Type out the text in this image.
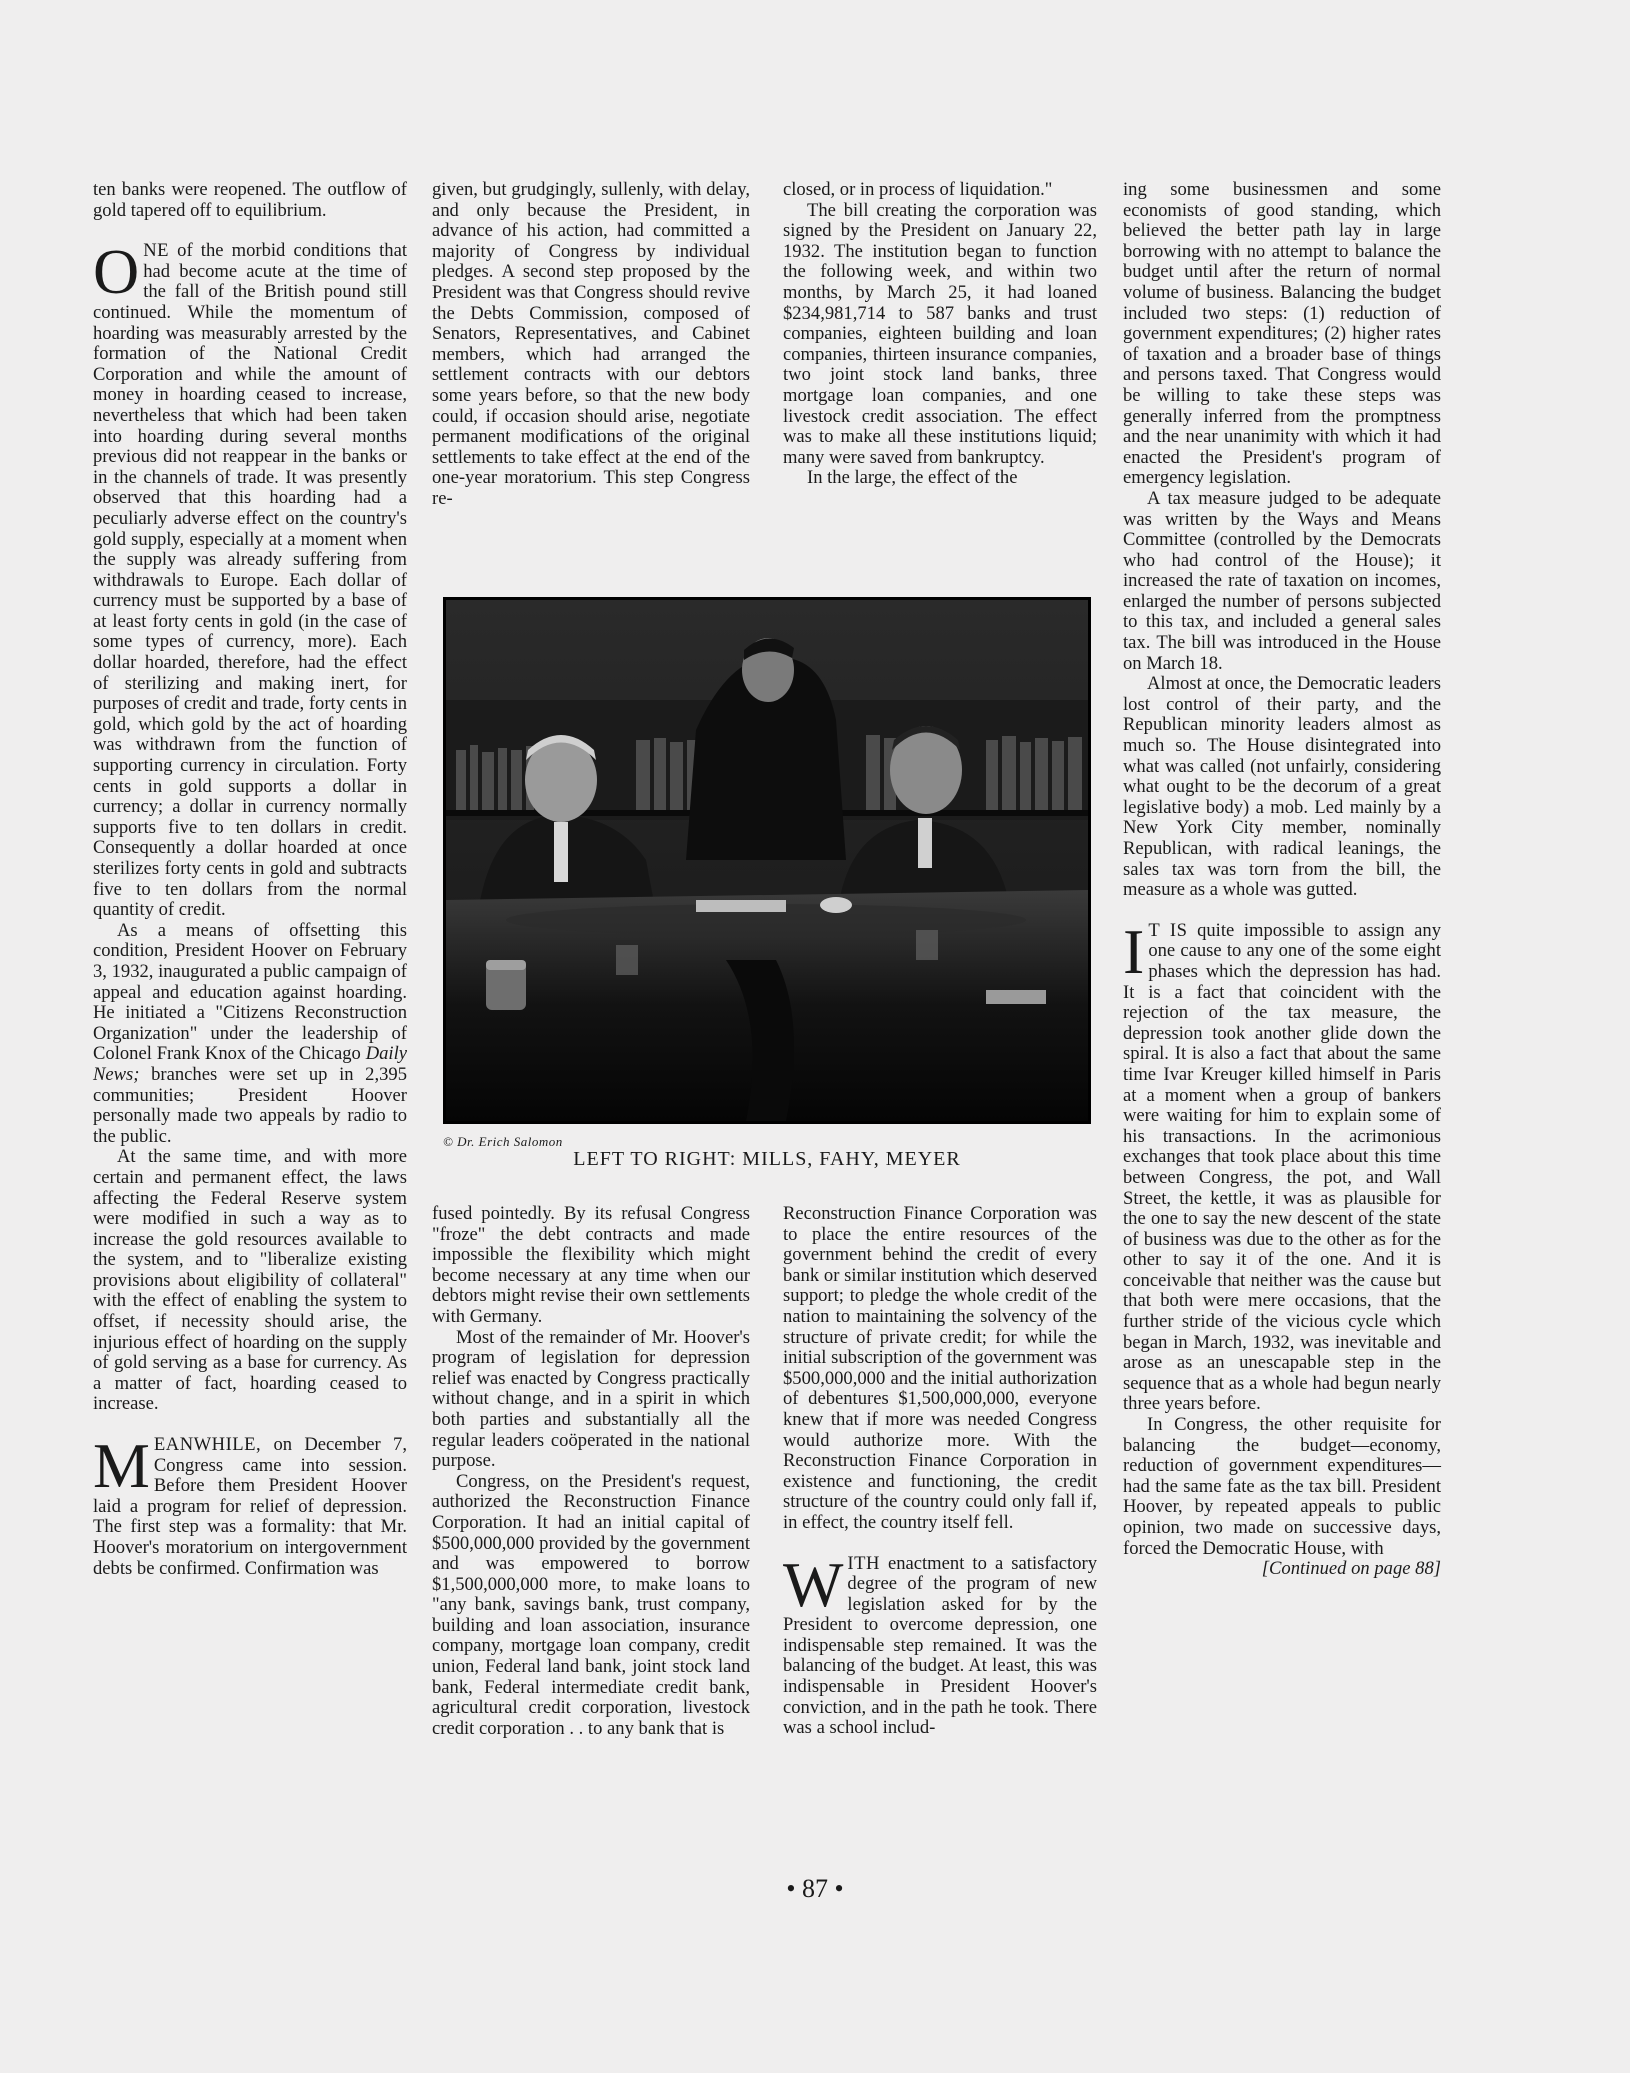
ten banks were reopened. The outflow of gold tapered off to equilibrium.

ONE of the morbid conditions that had become acute at the time of the fall of the British pound still continued. While the momentum of hoarding was measurably arrested by the formation of the National Credit Corporation and while the amount of money in hoarding ceased to increase, nevertheless that which had been taken into hoarding during several months previous did not reappear in the banks or in the channels of trade. It was presently observed that this hoarding had a peculiarly adverse effect on the country's gold supply, especially at a moment when the supply was already suffering from withdrawals to Europe. Each dollar of currency must be supported by a base of at least forty cents in gold (in the case of some types of currency, more). Each dollar hoarded, therefore, had the effect of sterilizing and making inert, for purposes of credit and trade, forty cents in gold, which gold by the act of hoarding was withdrawn from the function of supporting currency in circulation. Forty cents in gold supports a dollar in currency; a dollar in currency normally supports five to ten dollars in credit. Consequently a dollar hoarded at once sterilizes forty cents in gold and subtracts five to ten dollars from the normal quantity of credit.

As a means of offsetting this condition, President Hoover on February 3, 1932, inaugurated a public campaign of appeal and education against hoarding. He initiated a "Citizens Reconstruction Organization" under the leadership of Colonel Frank Knox of the Chicago Daily News; branches were set up in 2,395 communities; President Hoover personally made two appeals by radio to the public.

At the same time, and with more certain and permanent effect, the laws affecting the Federal Reserve system were modified in such a way as to increase the gold resources available to the system, and to "liberalize existing provisions about eligibility of collateral" with the effect of enabling the system to offset, if necessity should arise, the injurious effect of hoarding on the supply of gold serving as a base for currency. As a matter of fact, hoarding ceased to increase.

MEANWHILE, on December 7, Congress came into session. Before them President Hoover laid a program for relief of depression. The first step was a formality: that Mr. Hoover's moratorium on intergovernment debts be confirmed. Confirmation was

given, but grudgingly, sullenly, with delay, and only because the President, in advance of his action, had committed a majority of Congress by individual pledges. A second step proposed by the President was that Congress should revive the Debts Commission, composed of Senators, Representatives, and Cabinet members, which had arranged the settlement contracts with our debtors some years before, so that the new body could, if occasion should arise, negotiate permanent modifications of the original settlements to take effect at the end of the one-year moratorium. This step Congress re-

closed, or in process of liquidation."

The bill creating the corporation was signed by the President on January 22, 1932. The institution began to function the following week, and within two months, by March 25, it had loaned $234,981,714 to 587 banks and trust companies, eighteen building and loan companies, thirteen insurance companies, two joint stock land banks, three mortgage loan companies, and one livestock credit association. The effect was to make all these institutions liquid; many were saved from bankruptcy.

In the large, the effect of the

© Dr. Erich Salomon
LEFT TO RIGHT: MILLS, FAHY, MEYER

fused pointedly. By its refusal Congress "froze" the debt contracts and made impossible the flexibility which might become necessary at any time when our debtors might revise their own settlements with Germany.

Most of the remainder of Mr. Hoover's program of legislation for depression relief was enacted by Congress practically without change, and in a spirit in which both parties and substantially all the regular leaders coöperated in the national purpose.

Congress, on the President's request, authorized the Reconstruction Finance Corporation. It had an initial capital of $500,000,000 provided by the government and was empowered to borrow $1,500,000,000 more, to make loans to "any bank, savings bank, trust company, building and loan association, insurance company, mortgage loan company, credit union, Federal land bank, joint stock land bank, Federal intermediate credit bank, agricultural credit corporation, livestock credit corporation . . to any bank that is

Reconstruction Finance Corporation was to place the entire resources of the government behind the credit of every bank or similar institution which deserved support; to pledge the whole credit of the nation to maintaining the solvency of the structure of private credit; for while the initial subscription of the government was $500,000,000 and the initial authorization of debentures $1,500,000,000, everyone knew that if more was needed Congress would authorize more. With the Reconstruction Finance Corporation in existence and functioning, the credit structure of the country could only fall if, in effect, the country itself fell.

WITH enactment to a satisfactory degree of the program of new legislation asked for by the President to overcome depression, one indispensable step remained. It was the balancing of the budget. At least, this was indispensable in President Hoover's conviction, and in the path he took. There was a school includ-

ing some businessmen and some economists of good standing, which believed the better path lay in large borrowing with no attempt to balance the budget until after the return of normal volume of business. Balancing the budget included two steps: (1) reduction of government expenditures; (2) higher rates of taxation and a broader base of things and persons taxed. That Congress would be willing to take these steps was generally inferred from the promptness and the near unanimity with which it had enacted the President's program of emergency legislation.

A tax measure judged to be adequate was written by the Ways and Means Committee (controlled by the Democrats who had control of the House); it increased the rate of taxation on incomes, enlarged the number of persons subjected to this tax, and included a general sales tax. The bill was introduced in the House on March 18.

Almost at once, the Democratic leaders lost control of their party, and the Republican minority leaders almost as much so. The House disintegrated into what was called (not unfairly, considering what ought to be the decorum of a great legislative body) a mob. Led mainly by a New York City member, nominally Republican, with radical leanings, the sales tax was torn from the bill, the measure as a whole was gutted.

I T IS quite impossible to assign any one cause to any one of the some eight phases which the depression has had. It is a fact that coincident with the rejection of the tax measure, the depression took another glide down the spiral. It is also a fact that about the same time Ivar Kreuger killed himself in Paris at a moment when a group of bankers were waiting for him to explain some of his transactions. In the acrimonious exchanges that took place about this time between Congress, the pot, and Wall Street, the kettle, it was as plausible for the one to say the new descent of the state of business was due to the other as for the other to say it of the one. And it is conceivable that neither was the cause but that both were mere occasions, that the further stride of the vicious cycle which began in March, 1932, was inevitable and arose as an unescapable step in the sequence that as a whole had begun nearly three years before.

In Congress, the other requisite for balancing the budget—economy, reduction of government expenditures—had the same fate as the tax bill. President Hoover, by repeated appeals to public opinion, two made on successive days, forced the Democratic House, with

[Continued on page 88]

• 87 •
